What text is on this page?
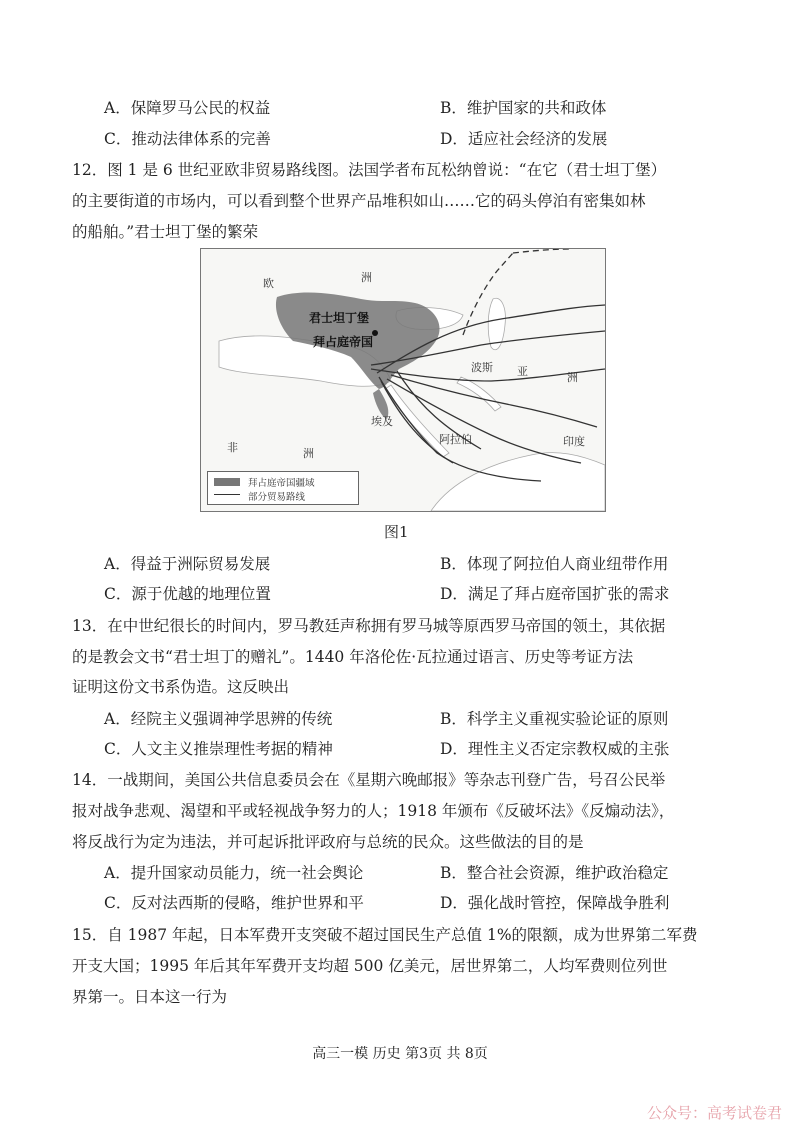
A．保障罗马公民的权益	B．维护国家的共和政体
C．推动法律体系的完善	D．适应社会经济的发展
12．图 1 是 6 世纪亚欧非贸易路线图。法国学者布瓦松纳曾说：“在它（君士坦丁堡）
的主要街道的市场内，可以看到整个世界产品堆积如山……它的码头停泊有密集如林
的船舶。”君士坦丁堡的繁荣
欧	洲
君士坦丁堡
拜占庭帝国
波斯 亚	洲
埃及
阿拉伯	印度
非	洲
拜占庭帝国疆域
部分贸易路线
图1
A．得益于洲际贸易发展	B．体现了阿拉伯人商业纽带作用
C．源于优越的地理位置	D．满足了拜占庭帝国扩张的需求
13．在中世纪很长的时间内，罗马教廷声称拥有罗马城等原西罗马帝国的领土，其依据
的是教会文书“君士坦丁的赠礼”。1440 年洛伦佐·瓦拉通过语言、历史等考证方法
证明这份文书系伪造。这反映出
A．经院主义强调神学思辨的传统	B．科学主义重视实验论证的原则
C．人文主义推崇理性考据的精神	D．理性主义否定宗教权威的主张
14．一战期间，美国公共信息委员会在《星期六晚邮报》等杂志刊登广告，号召公民举
报对战争悲观、渴望和平或轻视战争努力的人；1918 年颁布《反破坏法》《反煽动法》，
将反战行为定为违法，并可起诉批评政府与总统的民众。这些做法的目的是
A．提升国家动员能力，统一社会舆论	B．整合社会资源，维护政治稳定
C．反对法西斯的侵略，维护世界和平	D．强化战时管控，保障战争胜利
15．自 1987 年起，日本军费开支突破不超过国民生产总值 1%的限额，成为世界第二军费
开支大国；1995 年后其年军费开支均超 500 亿美元，居世界第二，人均军费则位列世
界第一。日本这一行为
高三一模 历史 第3页 共 8页
公众号：高考试卷君
